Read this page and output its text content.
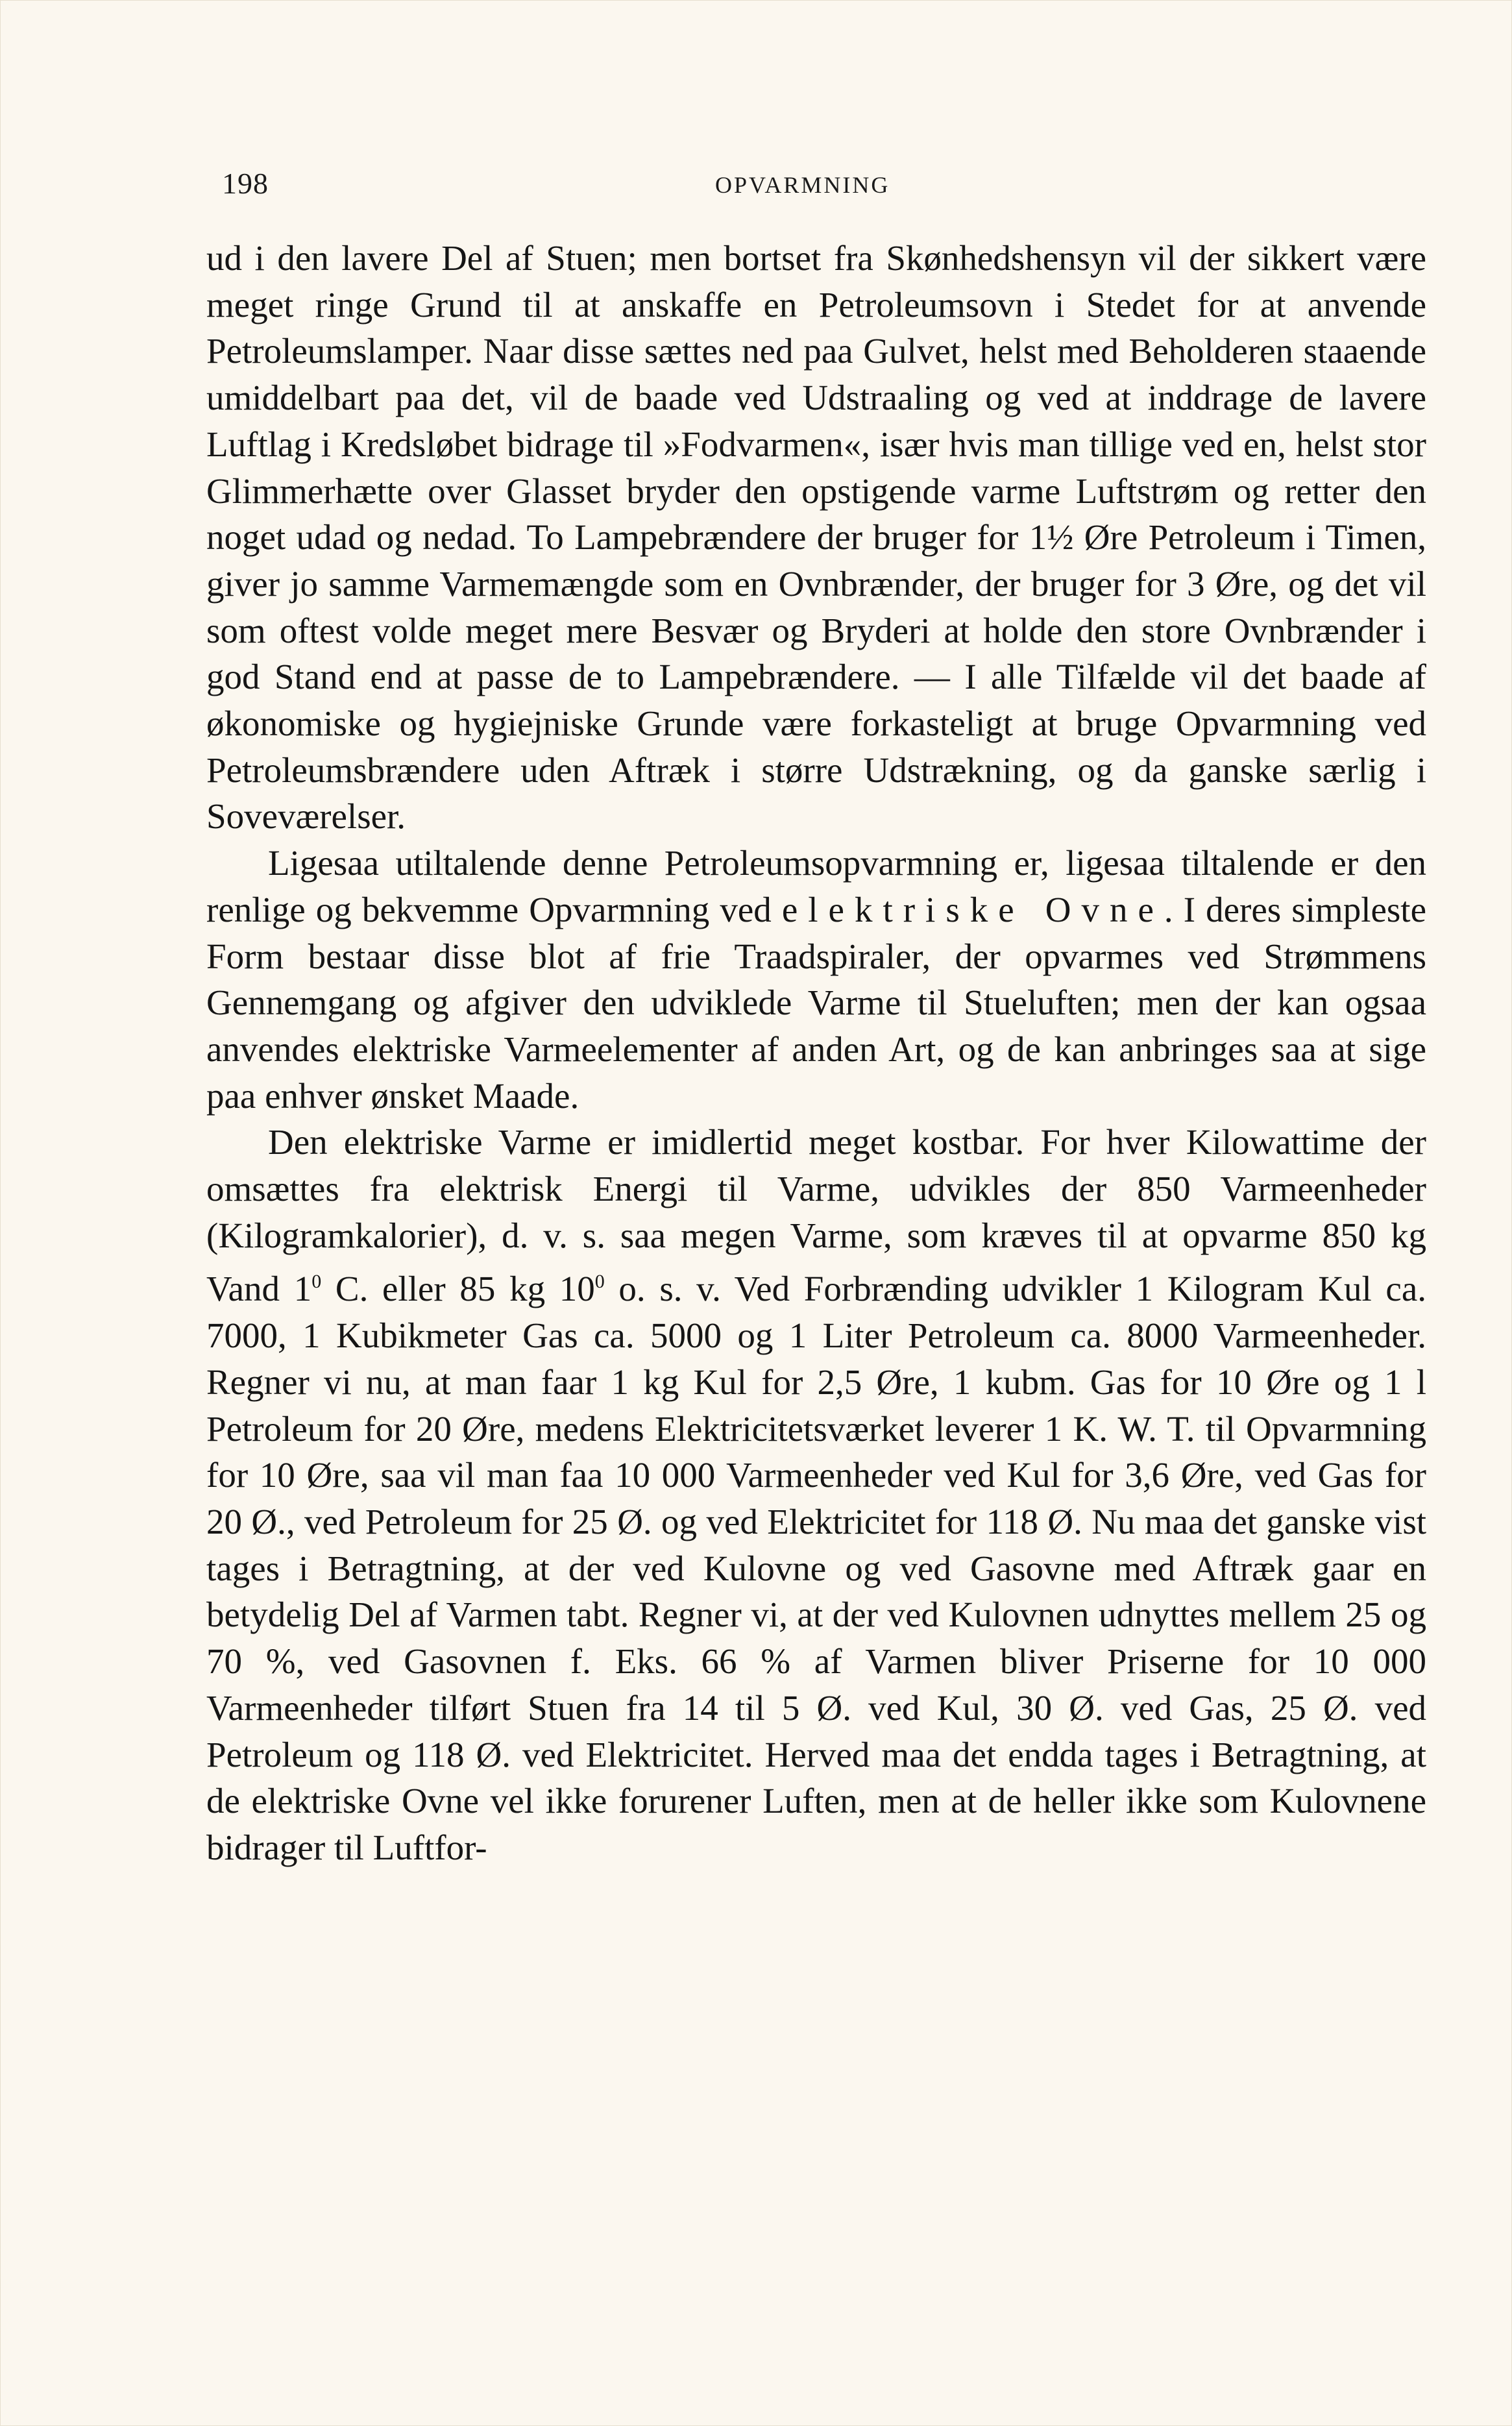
198	OPVARMNING

ud i den lavere Del af Stuen; men bortset fra Skønhedshensyn vil der sikkert være meget ringe Grund til at anskaffe en Petroleumsovn i Stedet for at anvende Petroleumslamper. Naar disse sættes ned paa Gulvet, helst med Beholderen staaende umiddelbart paa det, vil de baade ved Udstraaling og ved at inddrage de lavere Luftlag i Kredsløbet bidrage til »Fodvarmen«, især hvis man tillige ved en, helst stor Glimmerhætte over Glasset bryder den opstigende varme Luftstrøm og retter den noget udad og nedad. To Lampebrændere der bruger for 1½ Øre Petroleum i Timen, giver jo samme Varmemængde som en Ovnbrænder, der bruger for 3 Øre, og det vil som oftest volde meget mere Besvær og Bryderi at holde den store Ovnbrænder i god Stand end at passe de to Lampebrændere. — I alle Tilfælde vil det baade af økonomiske og hygiejniske Grunde være forkasteligt at bruge Opvarmning ved Petroleumsbrændere uden Aftræk i større Udstrækning, og da ganske særlig i Soveværelser.

Ligesaa utiltalende denne Petroleumsopvarmning er, ligesaa tiltalende er den renlige og bekvemme Opvarmning ved elektriske Ovne. I deres simpleste Form bestaar disse blot af frie Traadspiraler, der opvarmes ved Strømmens Gennemgang og afgiver den udviklede Varme til Stueluften; men der kan ogsaa anvendes elektriske Varmeelementer af anden Art, og de kan anbringes saa at sige paa enhver ønsket Maade.

Den elektriske Varme er imidlertid meget kostbar. For hver Kilowattime der omsættes fra elektrisk Energi til Varme, udvikles der 850 Varmeenheder (Kilogramkalorier), d. v. s. saa megen Varme, som kræves til at opvarme 850 kg Vand $1^0$ C. eller 85 kg $10^0$ o. s. v. Ved Forbrænding udvikler 1 Kilogram Kul ca. 7000, 1 Kubikmeter Gas ca. 5000 og 1 Liter Petroleum ca. 8000 Varmeenheder. Regner vi nu, at man faar 1 kg Kul for 2,5 Øre, 1 kubm. Gas for 10 Øre og 1 l Petroleum for 20 Øre, medens Elektricitetsværket leverer 1 K. W. T. til Opvarmning for 10 Øre, saa vil man faa 10 000 Varmeenheder ved Kul for 3,6 Øre, ved Gas for 20 Ø., ved Petroleum for 25 Ø. og ved Elektricitet for 118 Ø. Nu maa det ganske vist tages i Betragtning, at der ved Kulovne og ved Gasovne med Aftræk gaar en betydelig Del af Varmen tabt. Regner vi, at der ved Kulovnen udnyttes mellem 25 og 70 %, ved Gasovnen f. Eks. 66 % af Varmen bliver Priserne for 10 000 Varmeenheder tilført Stuen fra 14 til 5 Ø. ved Kul, 30 Ø. ved Gas, 25 Ø. ved Petroleum og 118 Ø. ved Elektricitet. Herved maa det endda tages i Betragtning, at de elektriske Ovne vel ikke forurener Luften, men at de heller ikke som Kulovnene bidrager til Luftfor-
